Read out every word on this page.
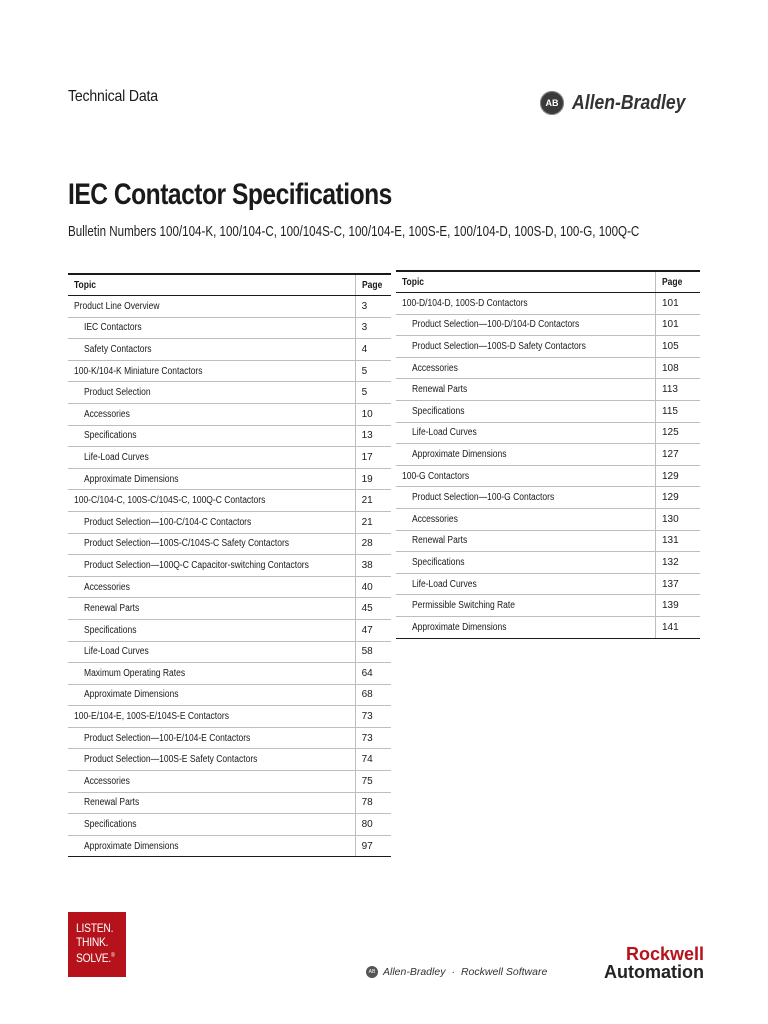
Technical Data	AB Allen-Bradley
IEC Contactor Specifications
Bulletin Numbers 100/104-K, 100/104-C, 100/104S-C, 100/104-E, 100S-E, 100/104-D, 100S-D, 100-G, 100Q-C
Topic	Page
Product Line Overview	3
IEC Contactors	3
Safety Contactors	4
100-K/104-K Miniature Contactors	5
Product Selection	5
Accessories	10
Specifications	13
Life-Load Curves	17
Approximate Dimensions	19
100-C/104-C, 100S-C/104S-C, 100Q-C Contactors	21
Product Selection—100-C/104-C Contactors	21
Product Selection—100S-C/104S-C Safety Contactors	28
Product Selection—100Q-C Capacitor-switching Contactors	38
Accessories	40
Renewal Parts	45
Specifications	47
Life-Load Curves	58
Maximum Operating Rates	64
Approximate Dimensions	68
100-E/104-E, 100S-E/104S-E Contactors	73
Product Selection—100-E/104-E Contactors	73
Product Selection—100S-E Safety Contactors	74
Accessories	75
Renewal Parts	78
Specifications	80
Approximate Dimensions	97
Topic	Page
100-D/104-D, 100S-D Contactors	101
Product Selection—100-D/104-D Contactors	101
Product Selection—100S-D Safety Contactors	105
Accessories	108
Renewal Parts	113
Specifications	115
Life-Load Curves	125
Approximate Dimensions	127
100-G Contactors	129
Product Selection—100-G Contactors	129
Accessories	130
Renewal Parts	131
Specifications	132
Life-Load Curves	137
Permissible Switching Rate	139
Approximate Dimensions	141
LISTEN.
THINK.
SOLVE.®
AB Allen-Bradley · Rockwell Software
Rockwell
Automation
